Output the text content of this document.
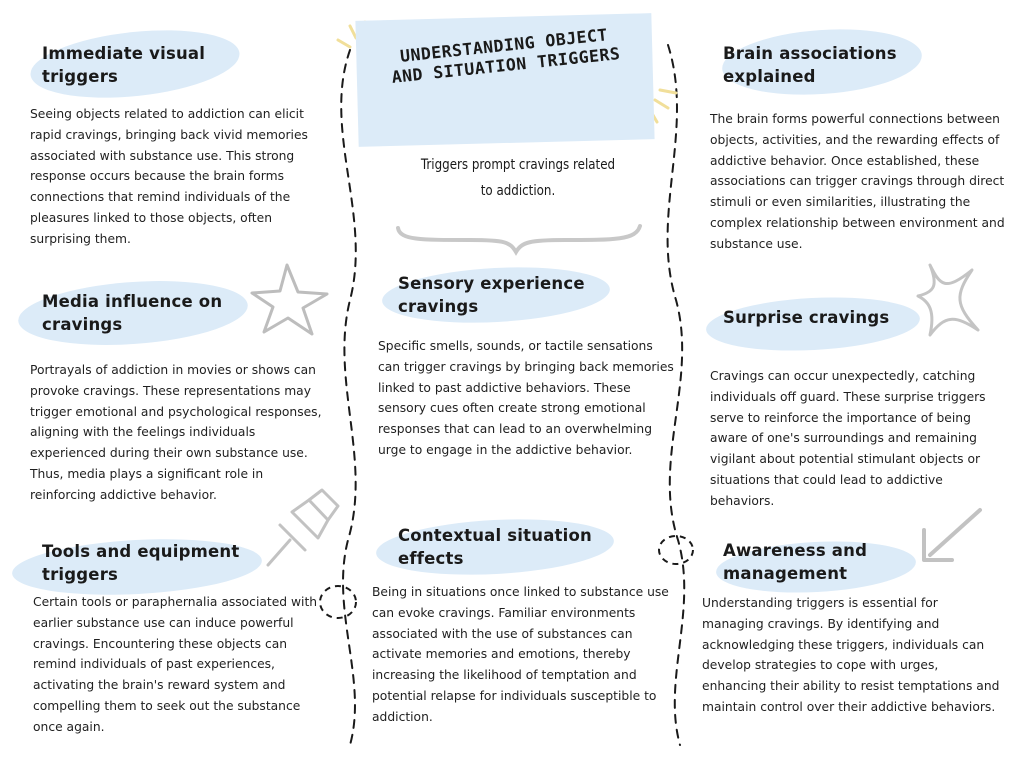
UNDERSTANDING OBJECT AND SITUATION TRIGGERS
Triggers prompt cravings related to addiction.
Immediate visual triggers

Seeing objects related to addiction can elicit rapid cravings, bringing back vivid memories associated with substance use. This strong response occurs because the brain forms connections that remind individuals of the pleasures linked to those objects, often surprising them.

Media influence on cravings

Portrayals of addiction in movies or shows can provoke cravings. These representations may trigger emotional and psychological responses, aligning with the feelings individuals experienced during their own substance use. Thus, media plays a significant role in reinforcing addictive behavior.

Tools and equipment triggers

Certain tools or paraphernalia associated with earlier substance use can induce powerful cravings. Encountering these objects can remind individuals of past experiences, activating the brain's reward system and compelling them to seek out the substance once again.

Sensory experience cravings

Specific smells, sounds, or tactile sensations can trigger cravings by bringing back memories linked to past addictive behaviors. These sensory cues often create strong emotional responses that can lead to an overwhelming urge to engage in the addictive behavior.

Contextual situation effects

Being in situations once linked to substance use can evoke cravings. Familiar environments associated with the use of substances can activate memories and emotions, thereby increasing the likelihood of temptation and potential relapse for individuals susceptible to addiction.

Brain associations explained

The brain forms powerful connections between objects, activities, and the rewarding effects of addictive behavior. Once established, these associations can trigger cravings through direct stimuli or even similarities, illustrating the complex relationship between environment and substance use.

Surprise cravings

Cravings can occur unexpectedly, catching individuals off guard. These surprise triggers serve to reinforce the importance of being aware of one's surroundings and remaining vigilant about potential stimulant objects or situations that could lead to addictive behaviors.

Awareness and management

Understanding triggers is essential for managing cravings. By identifying and acknowledging these triggers, individuals can develop strategies to cope with urges, enhancing their ability to resist temptations and maintain control over their addictive behaviors.
